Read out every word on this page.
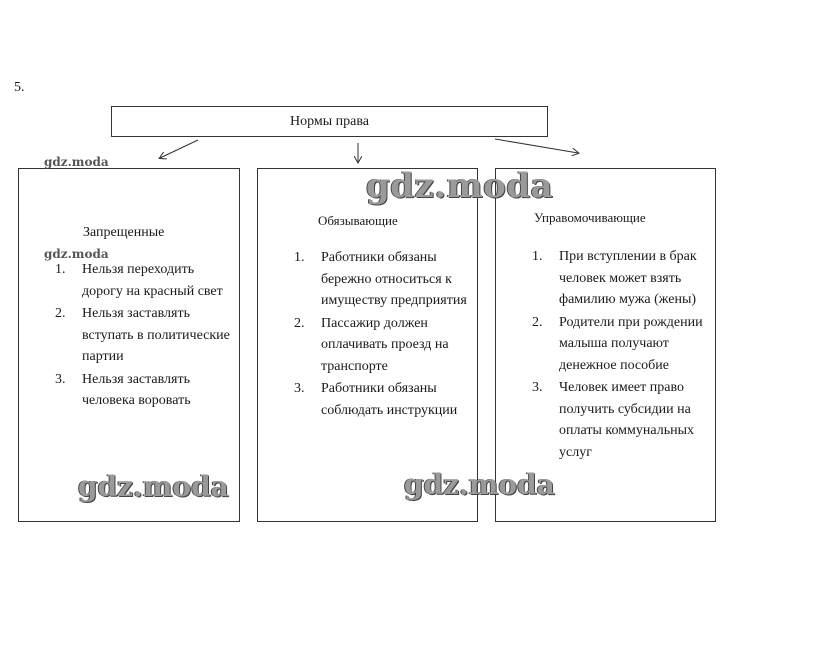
5.
Нормы права
Запрещенные
1.	Нельзя переходить дорогу на красный свет
2.	Нельзя заставлять вступать в политические партии
3.	Нельзя заставлять человека воровать
Обязывающие
1.	Работники обязаны бережно относиться к имуществу предприятия
2.	Пассажир должен оплачивать проезд на транспорте
3.	Работники обязаны соблюдать инструкции
Управомочивающие
1.	При вступлении в брак человек может взять фамилию мужа (жены)
2.	Родители при рождении малыша получают денежное пособие
3.	Человек имеет право получить субсидии на оплаты коммунальных услуг
gdz.moda
gdz.moda
gdz.moda
gdz.moda	gdz.moda
